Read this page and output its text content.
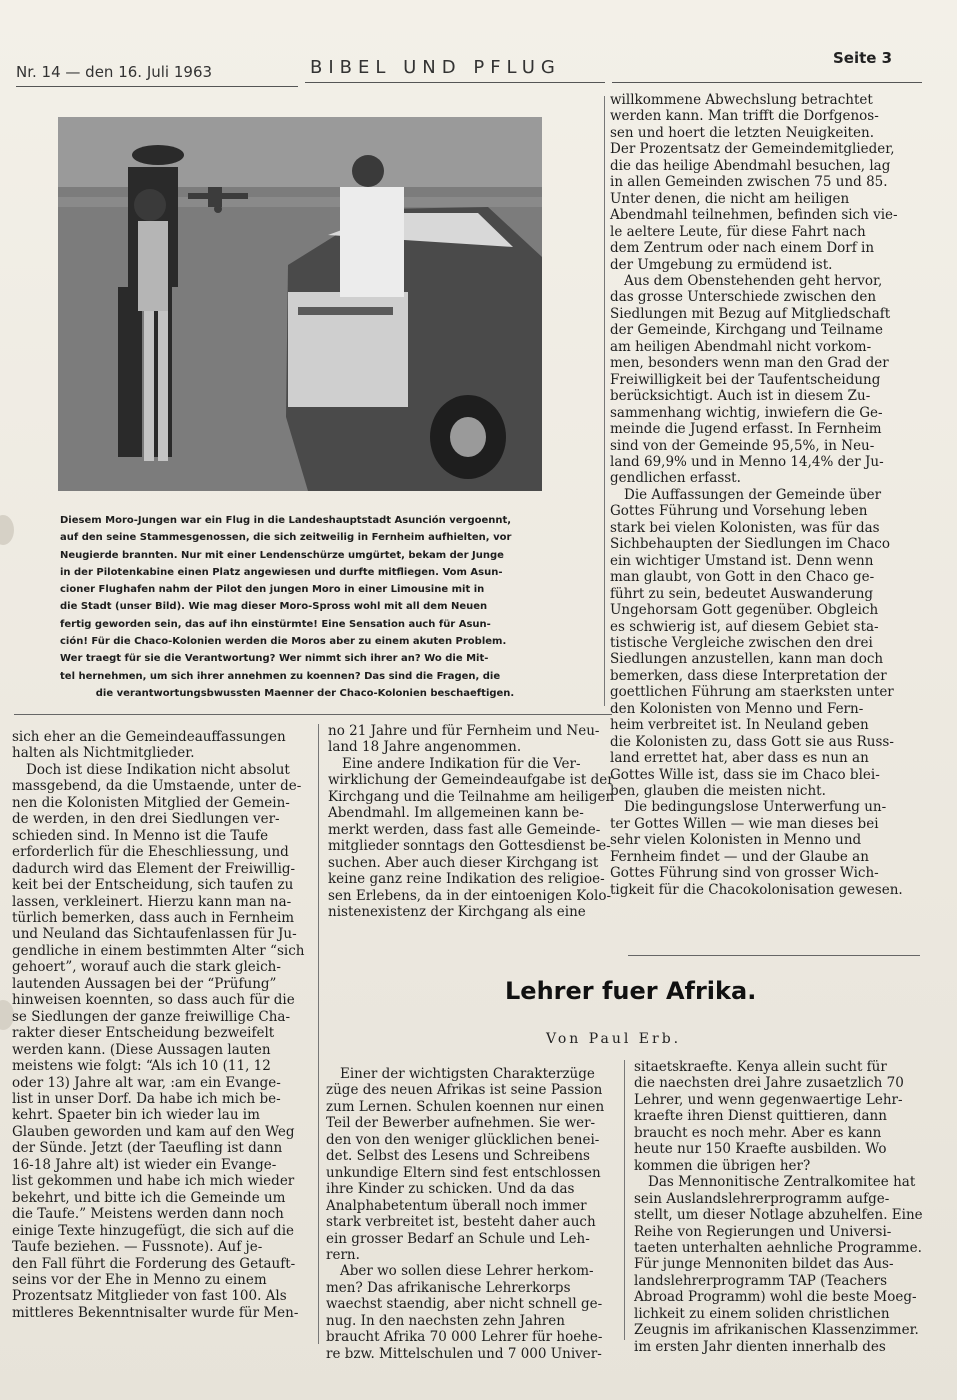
Nr. 14 — den 16. Juli 1963	BIBEL UND PFLUG	Seite 3
Diesem Moro-Jungen war ein Flug in die Landeshauptstadt Asunción vergoennt,
auf den seine Stammesgenossen, die sich zeitweilig in Fernheim aufhielten, vor
Neugierde brannten. Nur mit einer Lendenschürze umgürtet, bekam der Junge
in der Pilotenkabine einen Platz angewiesen und durfte mitfliegen. Vom Asun-
cioner Flughafen nahm der Pilot den jungen Moro in einer Limousine mit in
die Stadt (unser Bild). Wie mag dieser Moro-Spross wohl mit all dem Neuen
fertig geworden sein, das auf ihn einstürmte! Eine Sensation auch für Asun-
ción! Für die Chaco-Kolonien werden die Moros aber zu einem akuten Problem.
Wer traegt für sie die Verantwortung? Wer nimmt sich ihrer an? Wo die Mit-
tel hernehmen, um sich ihrer annehmen zu koennen? Das sind die Fragen, die
die verantwortungsbwussten Maenner der Chaco-Kolonien beschaeftigen.
sich eher an die Gemeindeauffassungen
halten als Nichtmitglieder.
Doch ist diese Indikation nicht absolut
massgebend, da die Umstaende, unter de-
nen die Kolonisten Mitglied der Gemein-
de werden, in den drei Siedlungen ver-
schieden sind. In Menno ist die Taufe
erforderlich für die Eheschliessung, und
dadurch wird das Element der Freiwillig-
keit bei der Entscheidung, sich taufen zu
lassen, verkleinert. Hierzu kann man na-
türlich bemerken, dass auch in Fernheim
und Neuland das Sichtaufenlassen für Ju-
gendliche in einem bestimmten Alter “sich
gehoert”, worauf auch die stark gleich-
lautenden Aussagen bei der “Prüfung”
hinweisen koennten, so dass auch für die
se Siedlungen der ganze freiwillige Cha-
rakter dieser Entscheidung bezweifelt
werden kann. (Diese Aussagen lauten
meistens wie folgt: “Als ich 10 (11, 12
oder 13) Jahre alt war, :am ein Evange-
list in unser Dorf. Da habe ich mich be-
kehrt. Spaeter bin ich wieder lau im
Glauben geworden und kam auf den Weg
der Sünde. Jetzt (der Taeufling ist dann
16-18 Jahre alt) ist wieder ein Evange-
list gekommen und habe ich mich wieder
bekehrt, und bitte ich die Gemeinde um
die Taufe.” Meistens werden dann noch
einige Texte hinzugefügt, die sich auf die
Taufe beziehen. — Fussnote). Auf je-
den Fall führt die Forderung des Getauft-
seins vor der Ehe in Menno zu einem
Prozentsatz Mitglieder von fast 100. Als
mittleres Bekenntnisalter wurde für Men-
no 21 Jahre und für Fernheim und Neu-
land 18 Jahre angenommen.
Eine andere Indikation für die Ver-
wirklichung der Gemeindeaufgabe ist der
Kirchgang und die Teilnahme am heiligen
Abendmahl. Im allgemeinen kann be-
merkt werden, dass fast alle Gemeinde-
mitglieder sonntags den Gottesdienst be-
suchen. Aber auch dieser Kirchgang ist
keine ganz reine Indikation des religioe-
sen Erlebens, da in der eintoenigen Kolo-
nistenexistenz der Kirchgang als eine
willkommene Abwechslung betrachtet
werden kann. Man trifft die Dorfgenos-
sen und hoert die letzten Neuigkeiten.
Der Prozentsatz der Gemeindemitglieder,
die das heilige Abendmahl besuchen, lag
in allen Gemeinden zwischen 75 und 85.
Unter denen, die nicht am heiligen
Abendmahl teilnehmen, befinden sich vie-
le aeltere Leute, für diese Fahrt nach
dem Zentrum oder nach einem Dorf in
der Umgebung zu ermüdend ist.
Aus dem Obenstehenden geht hervor,
das grosse Unterschiede zwischen den
Siedlungen mit Bezug auf Mitgliedschaft
der Gemeinde, Kirchgang und Teilname
am heiligen Abendmahl nicht vorkom-
men, besonders wenn man den Grad der
Freiwilligkeit bei der Taufentscheidung
berücksichtigt. Auch ist in diesem Zu-
sammenhang wichtig, inwiefern die Ge-
meinde die Jugend erfasst. In Fernheim
sind von der Gemeinde 95,5%, in Neu-
land 69,9% und in Menno 14,4% der Ju-
gendlichen erfasst.
Die Auffassungen der Gemeinde über
Gottes Führung und Vorsehung leben
stark bei vielen Kolonisten, was für das
Sichbehaupten der Siedlungen im Chaco
ein wichtiger Umstand ist. Denn wenn
man glaubt, von Gott in den Chaco ge-
führt zu sein, bedeutet Auswanderung
Ungehorsam Gott gegenüber. Obgleich
es schwierig ist, auf diesem Gebiet sta-
tistische Vergleiche zwischen den drei
Siedlungen anzustellen, kann man doch
bemerken, dass diese Interpretation der
goettlichen Führung am staerksten unter
den Kolonisten von Menno und Fern-
heim verbreitet ist. In Neuland geben
die Kolonisten zu, dass Gott sie aus Russ-
land errettet hat, aber dass es nun an
Gottes Wille ist, dass sie im Chaco blei-
ben, glauben die meisten nicht.
Die bedingungslose Unterwerfung un-
ter Gottes Willen — wie man dieses bei
sehr vielen Kolonisten in Menno und
Fernheim findet — und der Glaube an
Gottes Führung sind von grosser Wich-
tigkeit für die Chacokolonisation gewesen.
Lehrer fuer Afrika.
Von Paul Erb.
Einer der wichtigsten Charakterzüge
züge des neuen Afrikas ist seine Passion
zum Lernen. Schulen koennen nur einen
Teil der Bewerber aufnehmen. Sie wer-
den von den weniger glücklichen benei-
det. Selbst des Lesens und Schreibens
unkundige Eltern sind fest entschlossen
ihre Kinder zu schicken. Und da das
Analphabetentum überall noch immer
stark verbreitet ist, besteht daher auch
ein grosser Bedarf an Schule und Leh-
rern.
Aber wo sollen diese Lehrer herkom-
men? Das afrikanische Lehrerkorps
waechst staendig, aber nicht schnell ge-
nug. In den naechsten zehn Jahren
braucht Afrika 70 000 Lehrer für hoehe-
re bzw. Mittelschulen und 7 000 Univer-
sitaetskraefte. Kenya allein sucht für
die naechsten drei Jahre zusaetzlich 70
Lehrer, und wenn gegenwaertige Lehr-
kraefte ihren Dienst quittieren, dann
braucht es noch mehr. Aber es kann
heute nur 150 Kraefte ausbilden. Wo
kommen die übrigen her?
Das Mennonitische Zentralkomitee hat
sein Auslandslehrerprogramm aufge-
stellt, um dieser Notlage abzuhelfen. Eine
Reihe von Regierungen und Universi-
taeten unterhalten aehnliche Programme.
Für junge Mennoniten bildet das Aus-
landslehrerprogramm TAP (Teachers
Abroad Programm) wohl die beste Moeg-
lichkeit zu einem soliden christlichen
Zeugnis im afrikanischen Klassenzimmer.
im ersten Jahr dienten innerhalb des
